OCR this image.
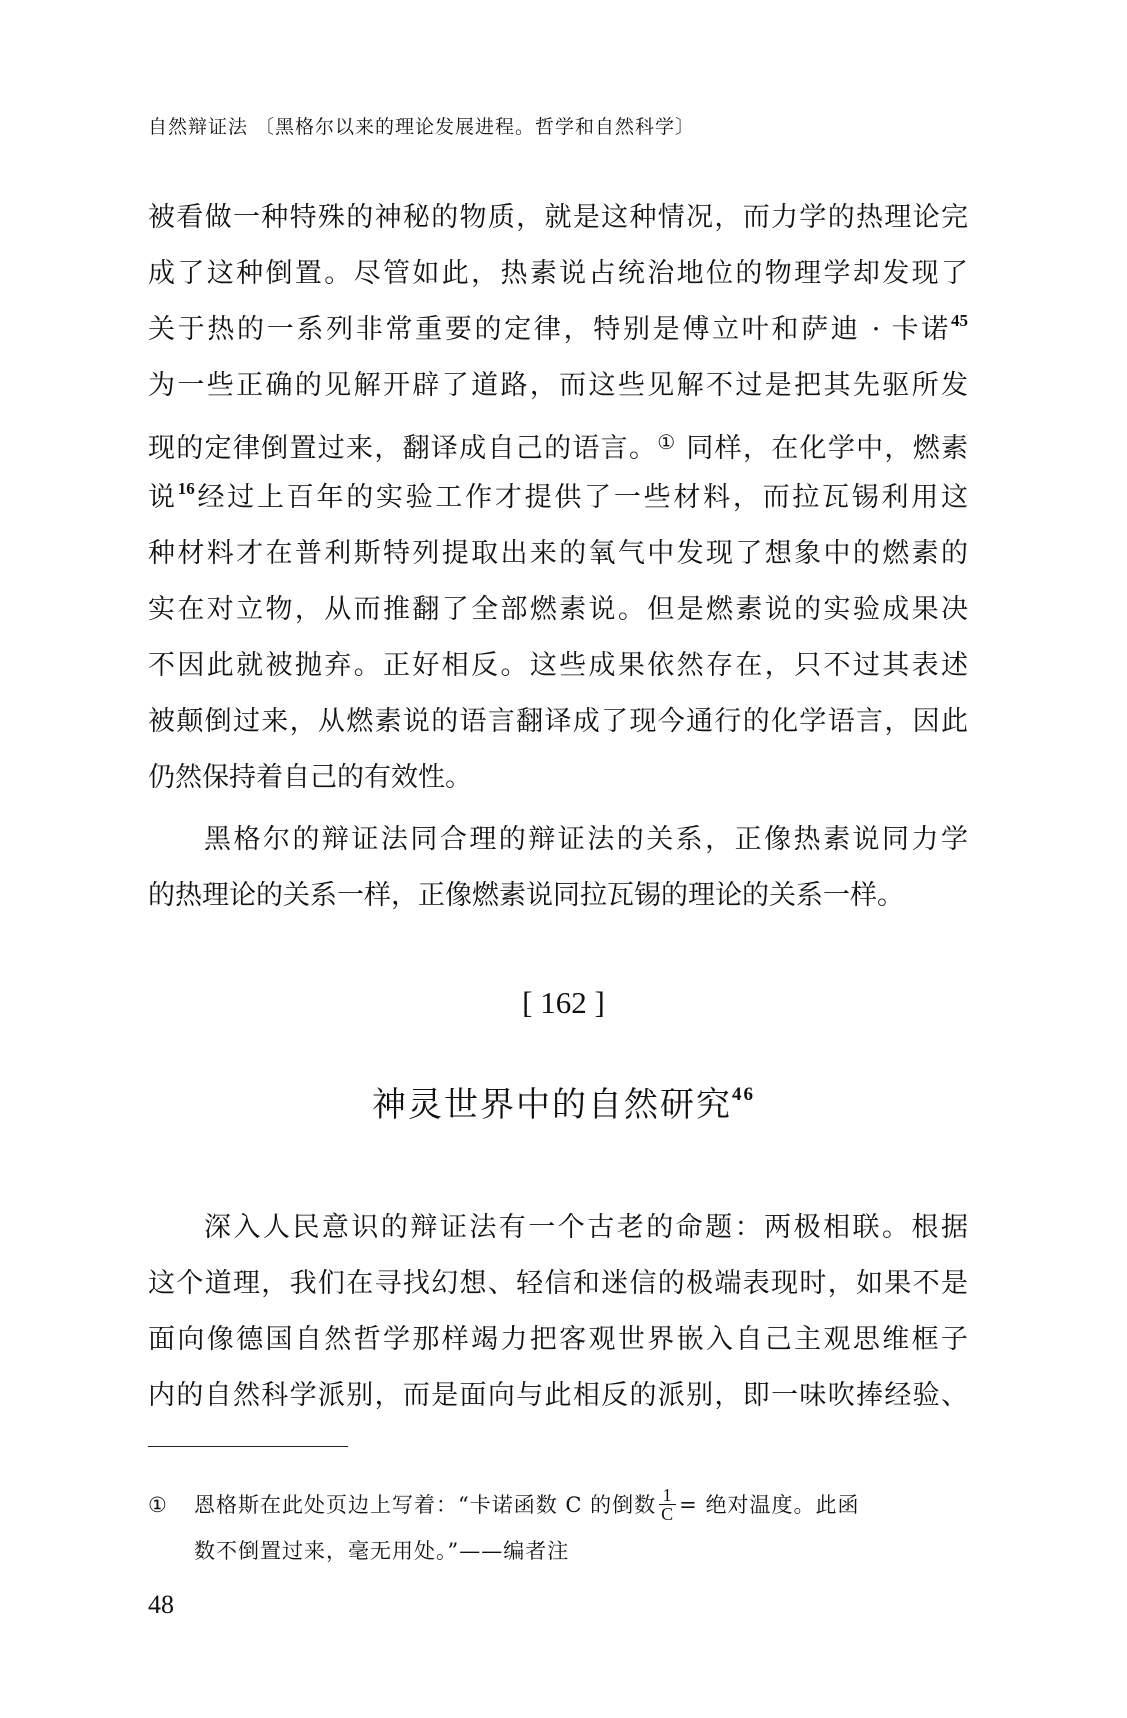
自然辩证法 〔黑格尔以来的理论发展进程。哲学和自然科学〕
被看做一种特殊的神秘的物质，就是这种情况，而力学的热理论完
成了这种倒置。尽管如此，热素说占统治地位的物理学却发现了
关于热的一系列非常重要的定律，特别是傅立叶和萨迪 · 卡诺$^{45}$
为一些正确的见解开辟了道路，而这些见解不过是把其先驱所发
现的定律倒置过来，翻译成自己的语言。① 同样，在化学中，燃素
说$^{16}$经过上百年的实验工作才提供了一些材料，而拉瓦锡利用这
种材料才在普利斯特列提取出来的氧气中发现了想象中的燃素的
实在对立物，从而推翻了全部燃素说。但是燃素说的实验成果决
不因此就被抛弃。正好相反。这些成果依然存在，只不过其表述
被颠倒过来，从燃素说的语言翻译成了现今通行的化学语言，因此
仍然保持着自己的有效性。
黑格尔的辩证法同合理的辩证法的关系，正像热素说同力学
的热理论的关系一样，正像燃素说同拉瓦锡的理论的关系一样。
[ 162 ]
神灵世界中的自然研究$^{46}$
深入人民意识的辩证法有一个古老的命题：两极相联。根据
这个道理，我们在寻找幻想、轻信和迷信的极端表现时，如果不是
面向像德国自然哲学那样竭力把客观世界嵌入自己主观思维框子
内的自然科学派别，而是面向与此相反的派别，即一味吹捧经验、
①	恩格斯在此处页边上写着：“卡诺函数 C 的倒数 $\frac{1}{C}$ = 绝对温度。此函
数不倒置过来，毫无用处。”——编者注
48
